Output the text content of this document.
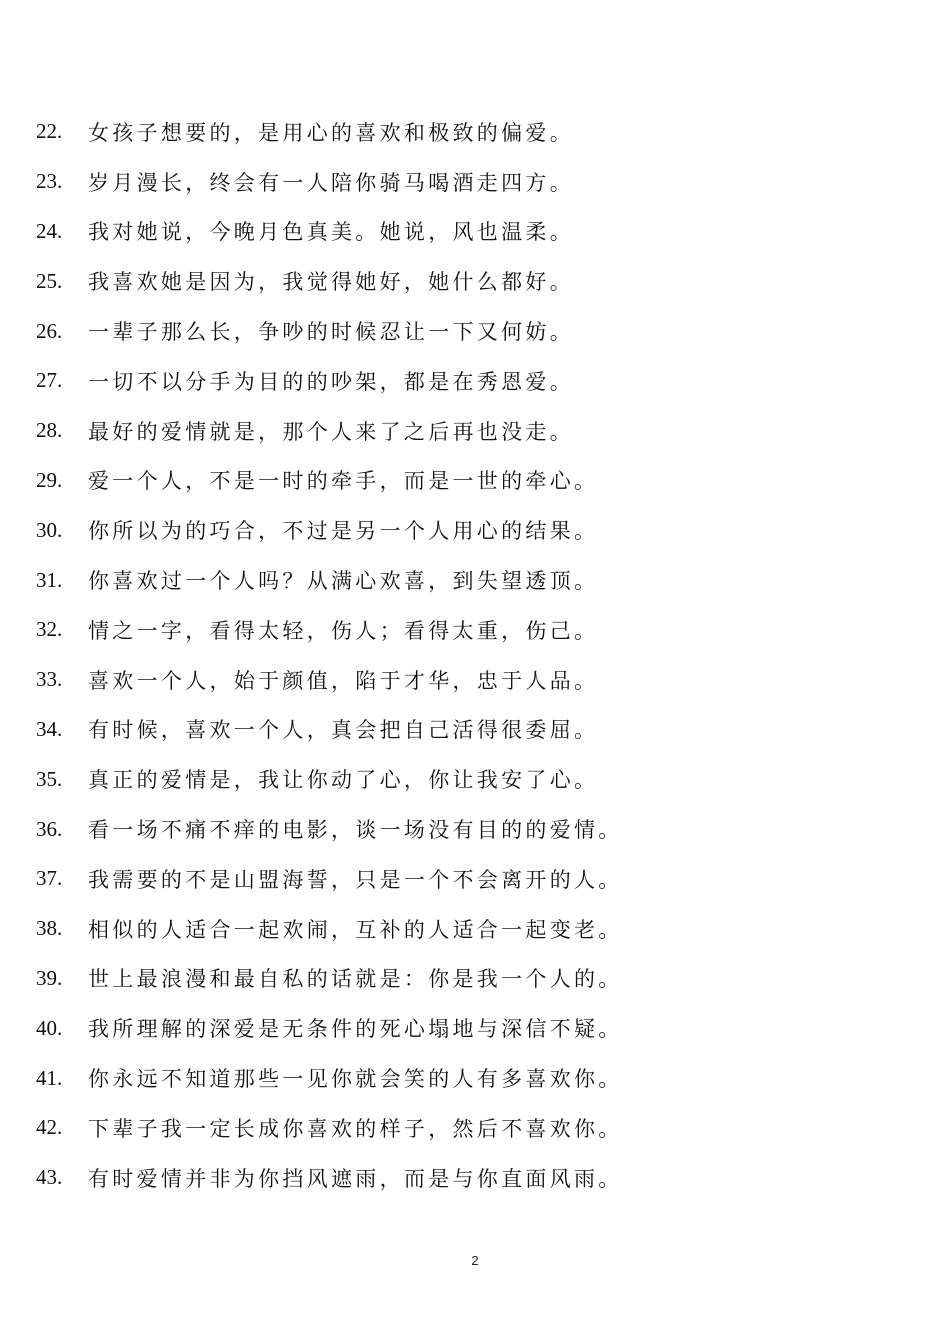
22.	女孩子想要的，是用心的喜欢和极致的偏爱。
23.	岁月漫长，终会有一人陪你骑马喝酒走四方。
24.	我对她说，今晚月色真美。她说，风也温柔。
25.	我喜欢她是因为，我觉得她好，她什么都好。
26.	一辈子那么长，争吵的时候忍让一下又何妨。
27.	一切不以分手为目的的吵架，都是在秀恩爱。
28.	最好的爱情就是，那个人来了之后再也没走。
29.	爱一个人，不是一时的牵手，而是一世的牵心。
30.	你所以为的巧合，不过是另一个人用心的结果。
31.	你喜欢过一个人吗？从满心欢喜，到失望透顶。
32.	情之一字，看得太轻，伤人；看得太重，伤己。
33.	喜欢一个人，始于颜值，陷于才华，忠于人品。
34.	有时候，喜欢一个人，真会把自己活得很委屈。
35.	真正的爱情是，我让你动了心，你让我安了心。
36.	看一场不痛不痒的电影，谈一场没有目的的爱情。
37.	我需要的不是山盟海誓，只是一个不会离开的人。
38.	相似的人适合一起欢闹，互补的人适合一起变老。
39.	世上最浪漫和最自私的话就是：你是我一个人的。
40.	我所理解的深爱是无条件的死心塌地与深信不疑。
41.	你永远不知道那些一见你就会笑的人有多喜欢你。
42.	下辈子我一定长成你喜欢的样子，然后不喜欢你。
43.	有时爱情并非为你挡风遮雨，而是与你直面风雨。
2
